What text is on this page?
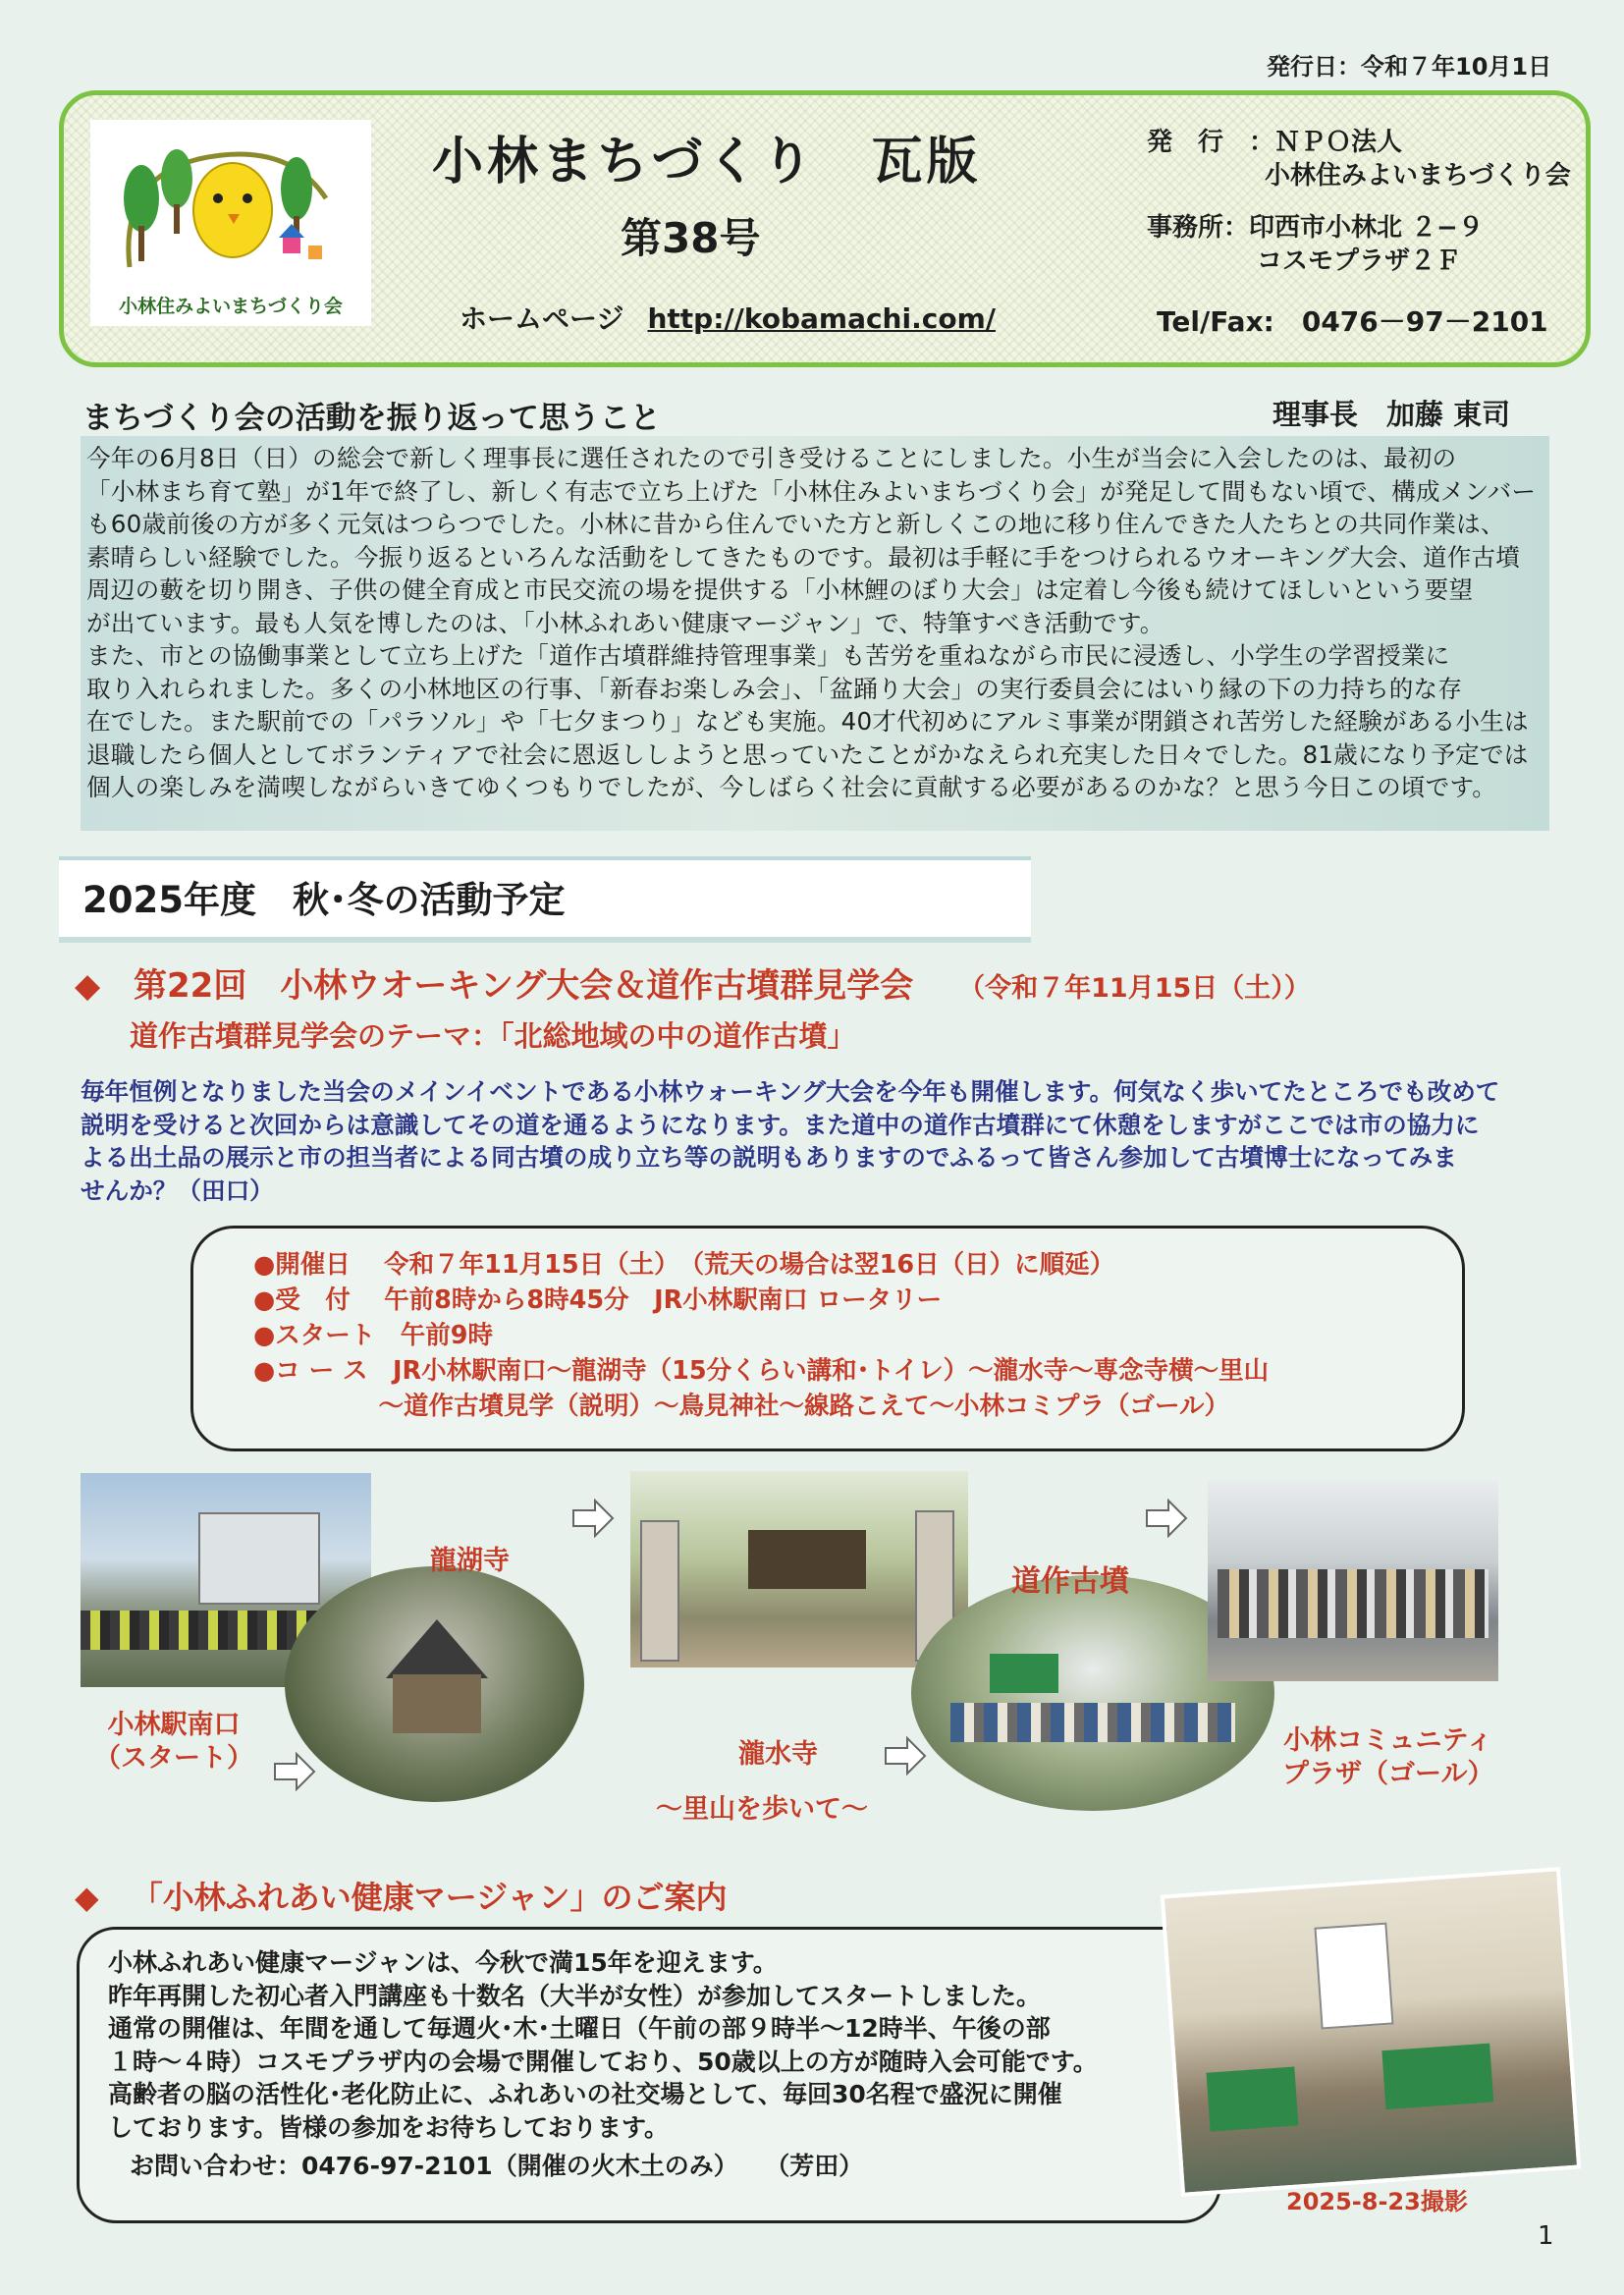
発行日：令和７年10月1日
小林住みよいまちづくり会
小林まちづくり　瓦版
第38号
ホームページ http://kobamachi.com/
発　行　：ＮＰＯ法人
小林住みよいまちづくり会
事務所：印西市小林北 ２−９
コスモプラザ２Ｆ
Tel/Fax:　0476－97－2101
まちづくり会の活動を振り返って思うこと	理事長　加藤 東司

今年の6月8日（日）の総会で新しく理事長に選任されたので引き受けることにしました。小生が当会に入会したのは、最初の

「小林まち育て塾」が1年で終了し、新しく有志で立ち上げた「小林住みよいまちづくり会」が発足して間もない頃で、構成メンバー

も60歳前後の方が多く元気はつらつでした。小林に昔から住んでいた方と新しくこの地に移り住んできた人たちとの共同作業は、

素晴らしい経験でした。今振り返るといろんな活動をしてきたものです。最初は手軽に手をつけられるウオーキング大会、道作古墳

周辺の藪を切り開き、子供の健全育成と市民交流の場を提供する「小林鯉のぼり大会」は定着し今後も続けてほしいという要望

が出ています。最も人気を博したのは、「小林ふれあい健康マージャン」で、特筆すべき活動です。

また、市との協働事業として立ち上げた「道作古墳群維持管理事業」も苦労を重ねながら市民に浸透し、小学生の学習授業に

取り入れられました。多くの小林地区の行事、「新春お楽しみ会」、「盆踊り大会」の実行委員会にはいり縁の下の力持ち的な存

在でした。また駅前での「パラソル」や「七夕まつり」なども実施。40才代初めにアルミ事業が閉鎖され苦労した経験がある小生は

退職したら個人としてボランティアで社会に恩返ししようと思っていたことがかなえられ充実した日々でした。81歳になり予定では

個人の楽しみを満喫しながらいきてゆくつもりでしたが、今しばらく社会に貢献する必要があるのかな？と思う今日この頃です。

2025年度　秋･冬の活動予定
◆ 第22回　小林ウオーキング大会＆道作古墳群見学会 （令和７年11月15日（土））
道作古墳群見学会のテーマ：「北総地域の中の道作古墳」

毎年恒例となりました当会のメインイベントである小林ウォーキング大会を今年も開催します。何気なく歩いてたところでも改めて

説明を受けると次回からは意識してその道を通るようになります。また道中の道作古墳群にて休憩をしますがここでは市の協力に

よる出土品の展示と市の担当者による同古墳の成り立ち等の説明もありますのでふるって皆さん参加して古墳博士になってみま

せんか？（田口）

●開催日　 令和７年11月15日（土）　（荒天の場合は翌16日（日）に順延）
●受　付　 午前8時から8時45分　JR小林駅南口 ロータリー
●スタート　午前9時
●コ ー ス　JR小林駅南口～龍湖寺（15分くらい講和･トイレ）～瀧水寺～専念寺横～里山
　　　　　～道作古墳見学（説明）～鳥見神社～線路こえて～小林コミプラ（ゴール）
龍湖寺
道作古墳
小林駅南口
（スタート）	瀧水寺
～里山を歩いて～
小林コミュニティ
プラザ（ゴール）
◆ 「小林ふれあい健康マージャン」のご案内

小林ふれあい健康マージャンは、今秋で満15年を迎えます。

昨年再開した初心者入門講座も十数名（大半が女性）が参加してスタートしました。

通常の開催は、年間を通して毎週火･木･土曜日（午前の部９時半～12時半、午後の部

１時～４時）コスモプラザ内の会場で開催しており、50歳以上の方が随時入会可能です。

高齢者の脳の活性化･老化防止に、ふれあいの社交場として、毎回30名程で盛況に開催

しております。皆様の参加をお待ちしております。

お問い合わせ：0476-97-2101（開催の火木土のみ） （芳田）
2025-8-23撮影
1
